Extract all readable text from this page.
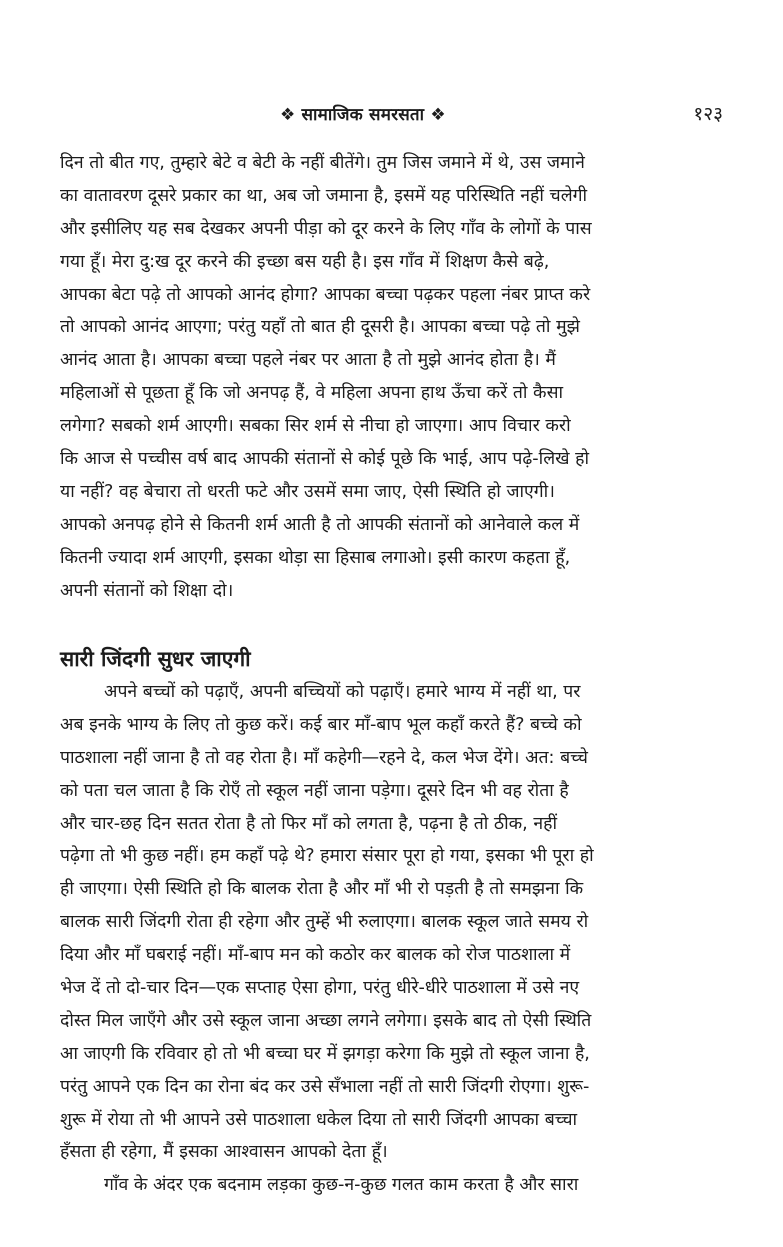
❖ सामाजिक समरसता ❖	१२३
दिन तो बीत गए, तुम्हारे बेटे व बेटी के नहीं बीतेंगे। तुम जिस जमाने में थे, उस जमाने
का वातावरण दूसरे प्रकार का था, अब जो जमाना है, इसमें यह परिस्थिति नहीं चलेगी
और इसीलिए यह सब देखकर अपनी पीड़ा को दूर करने के लिए गाँव के लोगों के पास
गया हूँ। मेरा दु:ख दूर करने की इच्छा बस यही है। इस गाँव में शिक्षण कैसे बढ़े,
आपका बेटा पढ़े तो आपको आनंद होगा? आपका बच्चा पढ़कर पहला नंबर प्राप्त करे
तो आपको आनंद आएगा; परंतु यहाँ तो बात ही दूसरी है। आपका बच्चा पढ़े तो मुझे
आनंद आता है। आपका बच्चा पहले नंबर पर आता है तो मुझे आनंद होता है। मैं
महिलाओं से पूछता हूँ कि जो अनपढ़ हैं, वे महिला अपना हाथ ऊँचा करें तो कैसा
लगेगा? सबको शर्म आएगी। सबका सिर शर्म से नीचा हो जाएगा। आप विचार करो
कि आज से पच्चीस वर्ष बाद आपकी संतानों से कोई पूछे कि भाई, आप पढ़े-लिखे हो
या नहीं? वह बेचारा तो धरती फटे और उसमें समा जाए, ऐसी स्थिति हो जाएगी।
आपको अनपढ़ होने से कितनी शर्म आती है तो आपकी संतानों को आनेवाले कल में
कितनी ज्यादा शर्म आएगी, इसका थोड़ा सा हिसाब लगाओ। इसी कारण कहता हूँ,
अपनी संतानों को शिक्षा दो।
सारी जिंदगी सुधर जाएगी
अपने बच्चों को पढ़ाएँ, अपनी बच्चियों को पढ़ाएँ। हमारे भाग्य में नहीं था, पर
अब इनके भाग्य के लिए तो कुछ करें। कई बार माँ-बाप भूल कहाँ करते हैं? बच्चे को
पाठशाला नहीं जाना है तो वह रोता है। माँ कहेगी—रहने दे, कल भेज देंगे। अत: बच्चे
को पता चल जाता है कि रोएँ तो स्कूल नहीं जाना पड़ेगा। दूसरे दिन भी वह रोता है
और चार-छह दिन सतत रोता है तो फिर माँ को लगता है, पढ़ना है तो ठीक, नहीं
पढ़ेगा तो भी कुछ नहीं। हम कहाँ पढ़े थे? हमारा संसार पूरा हो गया, इसका भी पूरा हो
ही जाएगा। ऐसी स्थिति हो कि बालक रोता है और माँ भी रो पड़ती है तो समझना कि
बालक सारी जिंदगी रोता ही रहेगा और तुम्हें भी रुलाएगा। बालक स्कूल जाते समय रो
दिया और माँ घबराई नहीं। माँ-बाप मन को कठोर कर बालक को रोज पाठशाला में
भेज दें तो दो-चार दिन—एक सप्ताह ऐसा होगा, परंतु धीरे-धीरे पाठशाला में उसे नए
दोस्त मिल जाएँगे और उसे स्कूल जाना अच्छा लगने लगेगा। इसके बाद तो ऐसी स्थिति
आ जाएगी कि रविवार हो तो भी बच्चा घर में झगड़ा करेगा कि मुझे तो स्कूल जाना है,
परंतु आपने एक दिन का रोना बंद कर उसे सँभाला नहीं तो सारी जिंदगी रोएगा। शुरू-
शुरू में रोया तो भी आपने उसे पाठशाला धकेल दिया तो सारी जिंदगी आपका बच्चा
हँसता ही रहेगा, मैं इसका आश्वासन आपको देता हूँ।
गाँव के अंदर एक बदनाम लड़का कुछ-न-कुछ गलत काम करता है और सारा
